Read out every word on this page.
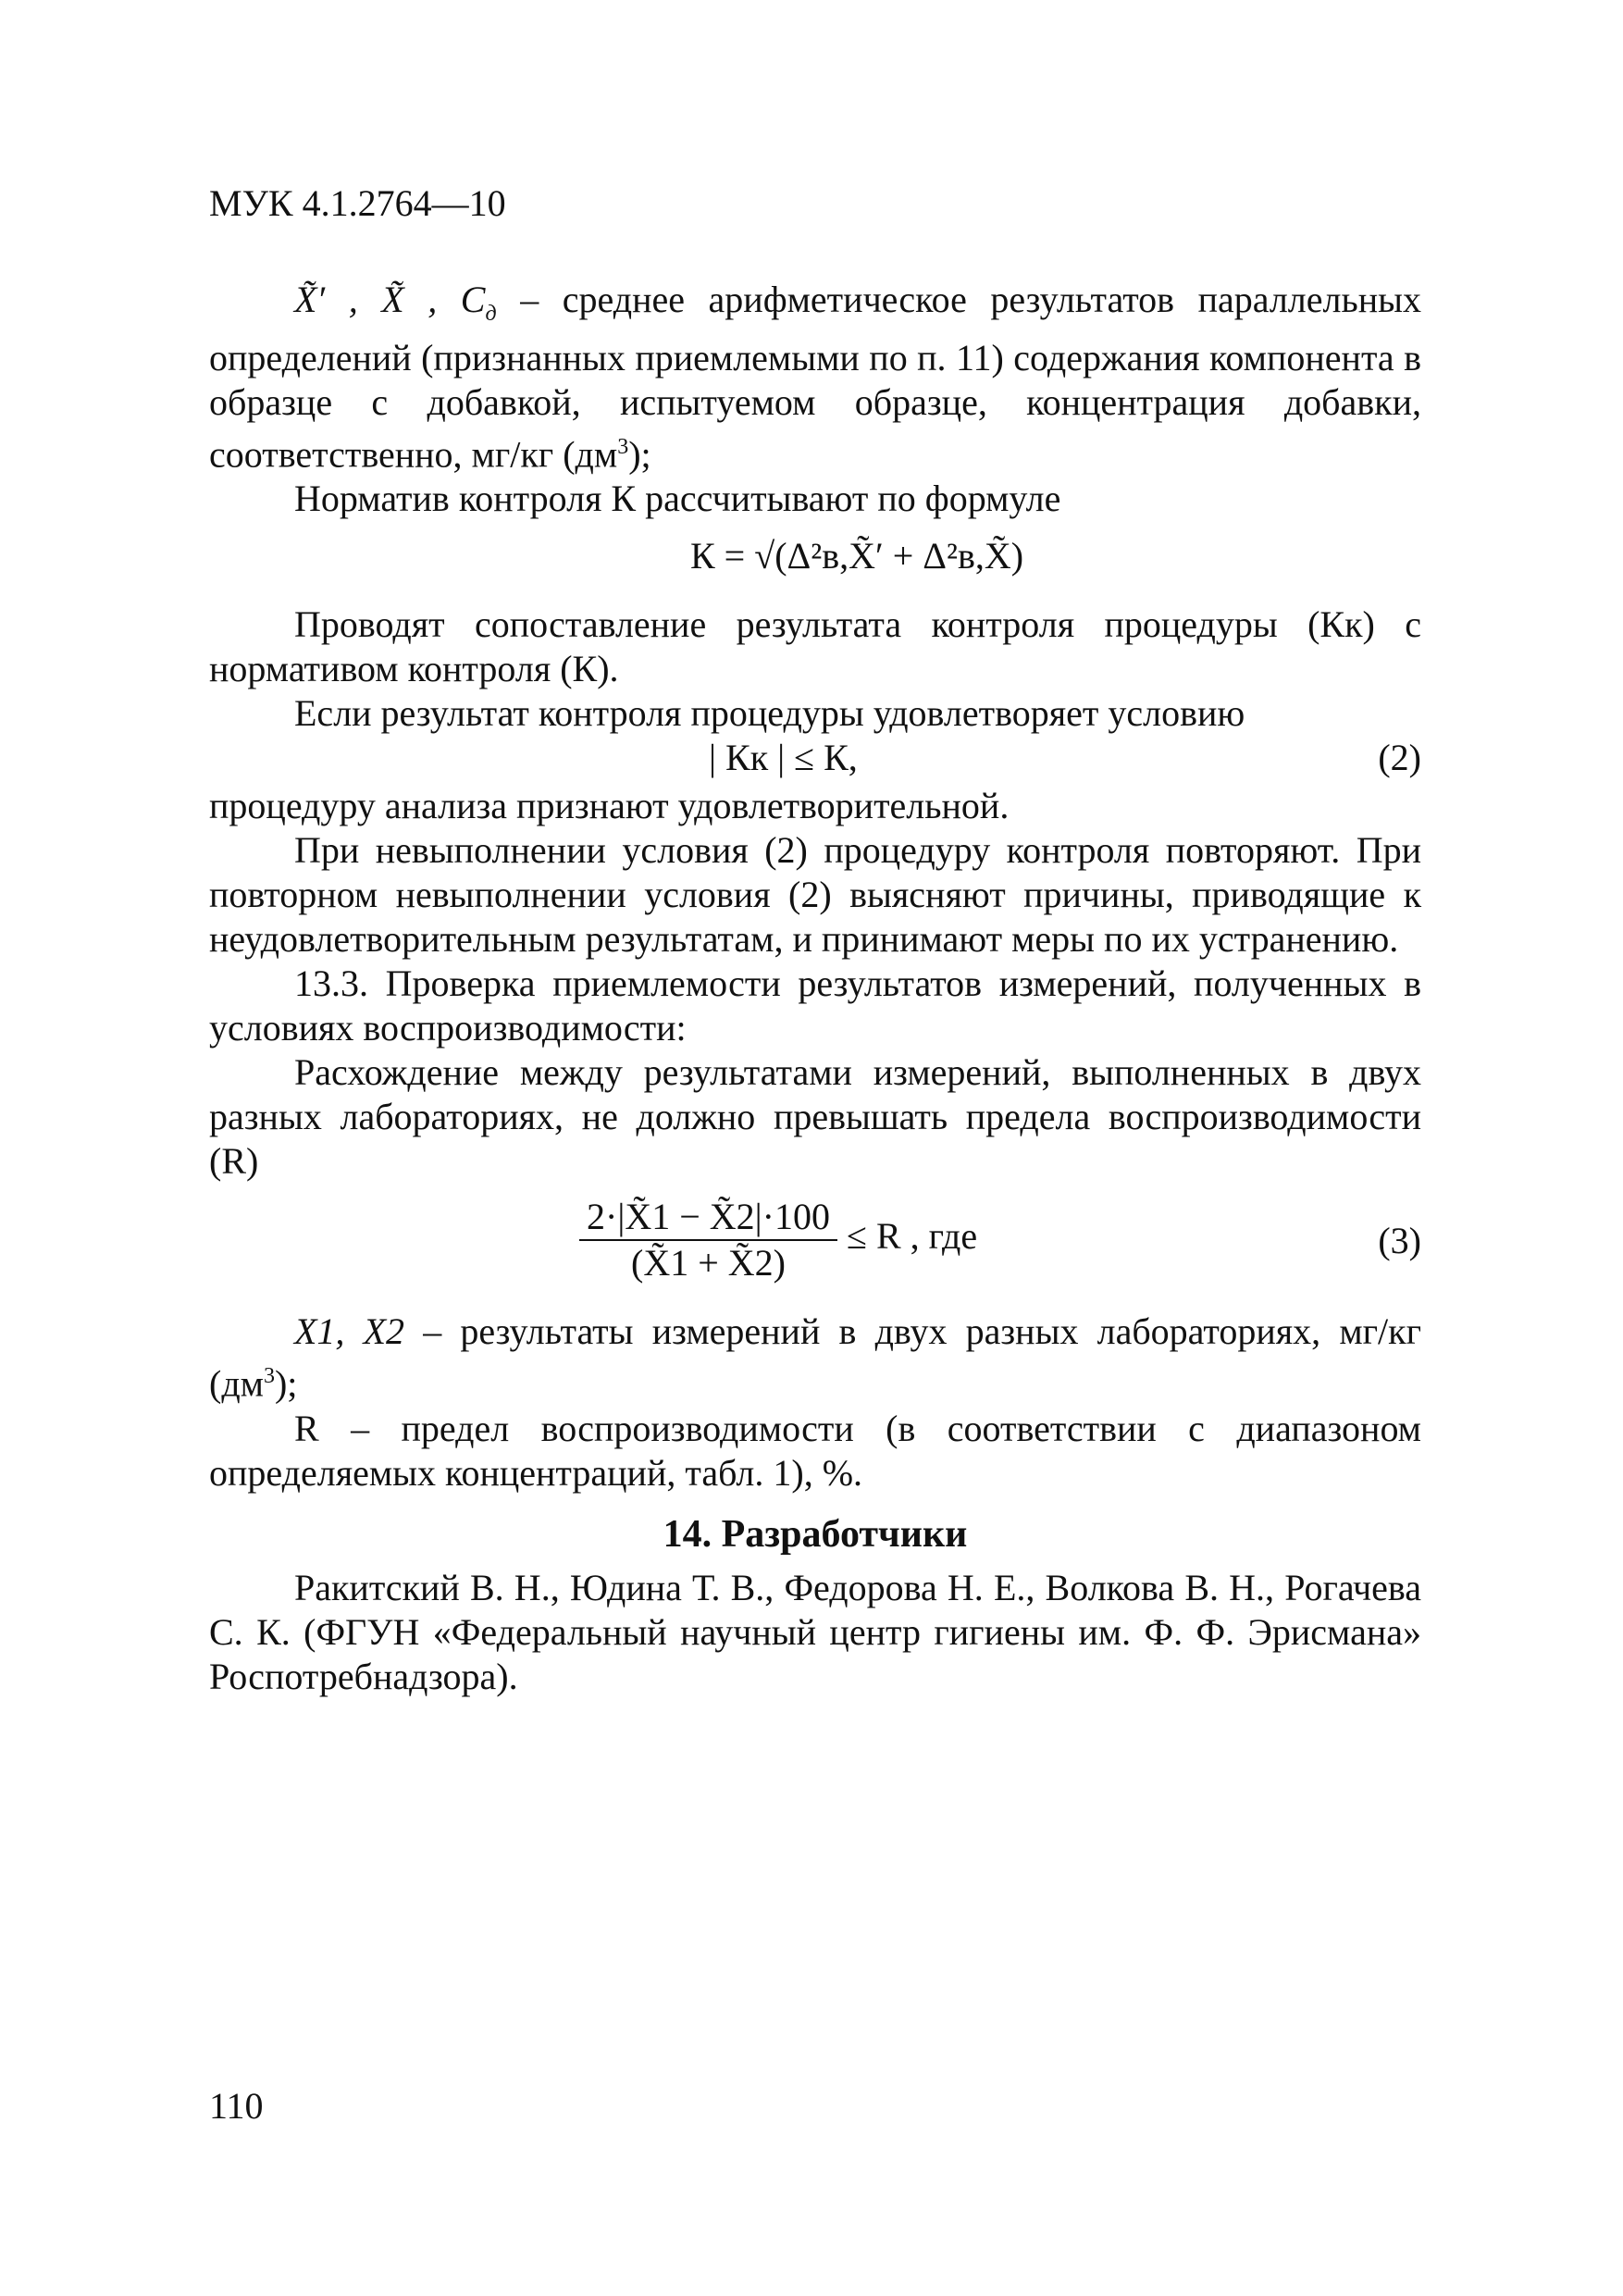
МУК 4.1.2764—10

X̃′ , X̃ , $C_д$ – среднее арифметическое результатов параллельных определений (признанных приемлемыми по п. 11) содержания компонента в образце с добавкой, испытуемом образце, концентрация добавки, соответственно, мг/кг $(дм^3)$;

Норматив контроля К рассчитывают по формуле

К = √(Δ²в,X̃′ + Δ²в,X̃)

Проводят сопоставление результата контроля процедуры (Кк) с нормативом контроля (К).

Если результат контроля процедуры удовлетворяет условию

| Кк | ≤ К,	(2)

процедуру анализа признают удовлетворительной.

При невыполнении условия (2) процедуру контроля повторяют. При повторном невыполнении условия (2) выясняют причины, приводящие к неудовлетворительным результатам, и принимают меры по их устранению.

13.3. Проверка приемлемости результатов измерений, полученных в условиях воспроизводимости:

Расхождение между результатами измерений, выполненных в двух разных лабораториях, не должно превышать предела воспроизводимости (R)

$\frac{2\cdot|X̃1 - X̃2|\cdot 100}{(X̃1 + X̃2)} \le R$ , где	(3)

X1, X2 – результаты измерений в двух разных лабораториях, мг/кг $(дм^3)$;

R – предел воспроизводимости (в соответствии с диапазоном определяемых концентраций, табл. 1), %.

14. Разработчики

Ракитский В. Н., Юдина Т. В., Федорова Н. Е., Волкова В. Н., Рогачева С. К. (ФГУН «Федеральный научный центр гигиены им. Ф. Ф. Эрисмана» Роспотребнадзора).

110
